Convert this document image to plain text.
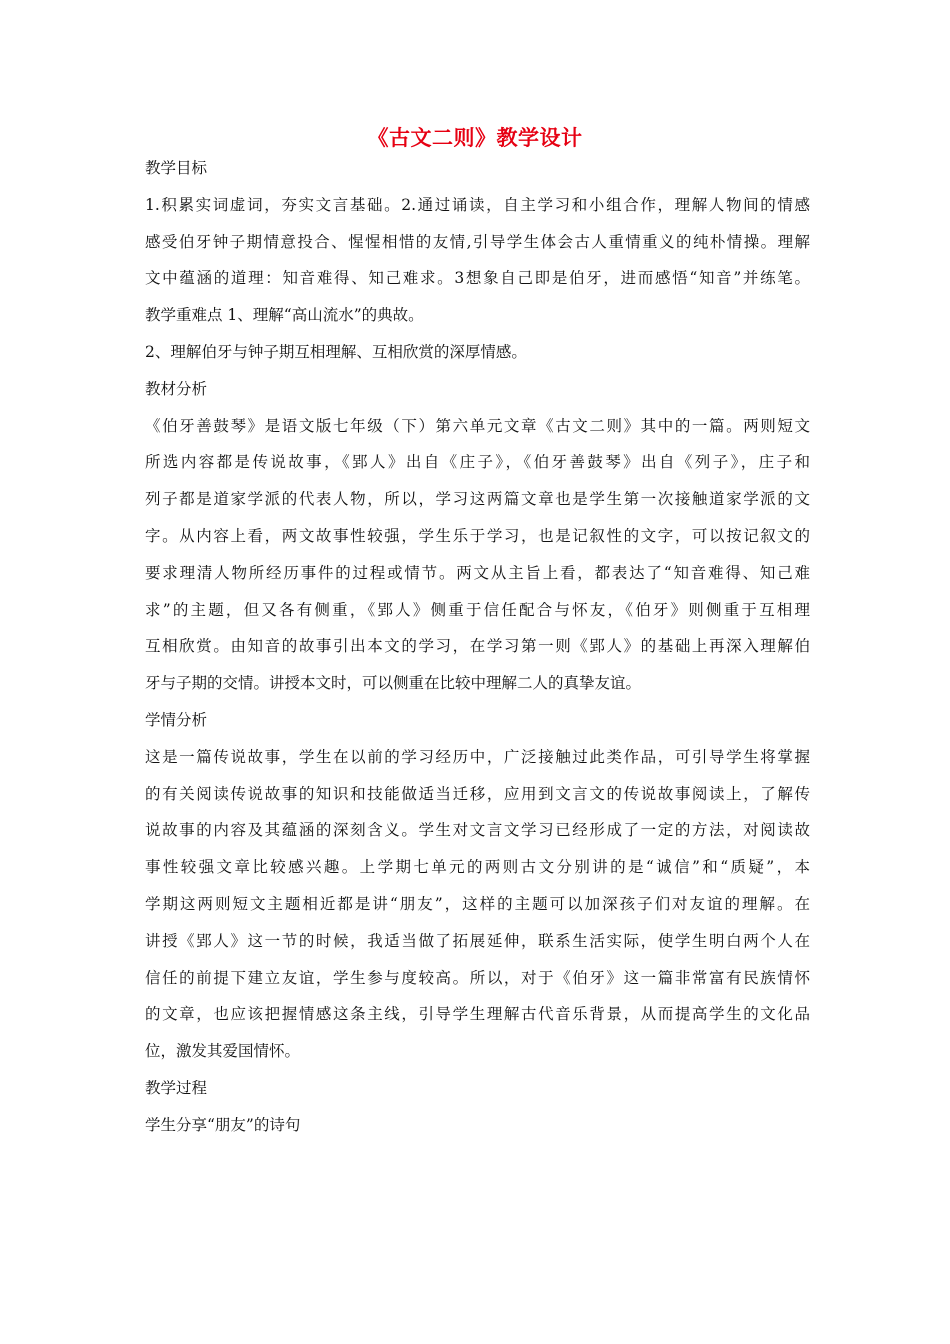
《古文二则》教学设计
教学目标
1.积累实词虚词，夯实文言基础。2.通过诵读，自主学习和小组合作，理解人物间的情感
感受伯牙钟子期情意投合、惺惺相惜的友情,引导学生体会古人重情重义的纯朴情操。理解
文中蕴涵的道理：知音难得、知己难求。3想象自己即是伯牙，进而感悟“知音”并练笔。
教学重难点 1、理解“高山流水”的典故。
2、理解伯牙与钟子期互相理解、互相欣赏的深厚情感。
教材分析
《伯牙善鼓琴》是语文版七年级（下）第六单元文章《古文二则》其中的一篇。两则短文
所选内容都是传说故事，《郢人》出自《庄子》，《伯牙善鼓琴》出自《列子》，庄子和
列子都是道家学派的代表人物，所以，学习这两篇文章也是学生第一次接触道家学派的文
字。从内容上看，两文故事性较强，学生乐于学习，也是记叙性的文字，可以按记叙文的
要求理清人物所经历事件的过程或情节。两文从主旨上看，都表达了“知音难得、知己难
求”的主题，但又各有侧重，《郢人》侧重于信任配合与怀友，《伯牙》则侧重于互相理
互相欣赏。由知音的故事引出本文的学习，在学习第一则《郢人》的基础上再深入理解伯
牙与子期的交情。讲授本文时，可以侧重在比较中理解二人的真挚友谊。
学情分析
这是一篇传说故事，学生在以前的学习经历中，广泛接触过此类作品，可引导学生将掌握
的有关阅读传说故事的知识和技能做适当迁移，应用到文言文的传说故事阅读上，了解传
说故事的内容及其蕴涵的深刻含义。学生对文言文学习已经形成了一定的方法，对阅读故
事性较强文章比较感兴趣。上学期七单元的两则古文分别讲的是“诚信”和“质疑”，本
学期这两则短文主题相近都是讲“朋友”，这样的主题可以加深孩子们对友谊的理解。在
讲授《郢人》这一节的时候，我适当做了拓展延伸，联系生活实际，使学生明白两个人在
信任的前提下建立友谊，学生参与度较高。所以，对于《伯牙》这一篇非常富有民族情怀
的文章，也应该把握情感这条主线，引导学生理解古代音乐背景，从而提高学生的文化品
位，激发其爱国情怀。
教学过程
学生分享“朋友”的诗句
